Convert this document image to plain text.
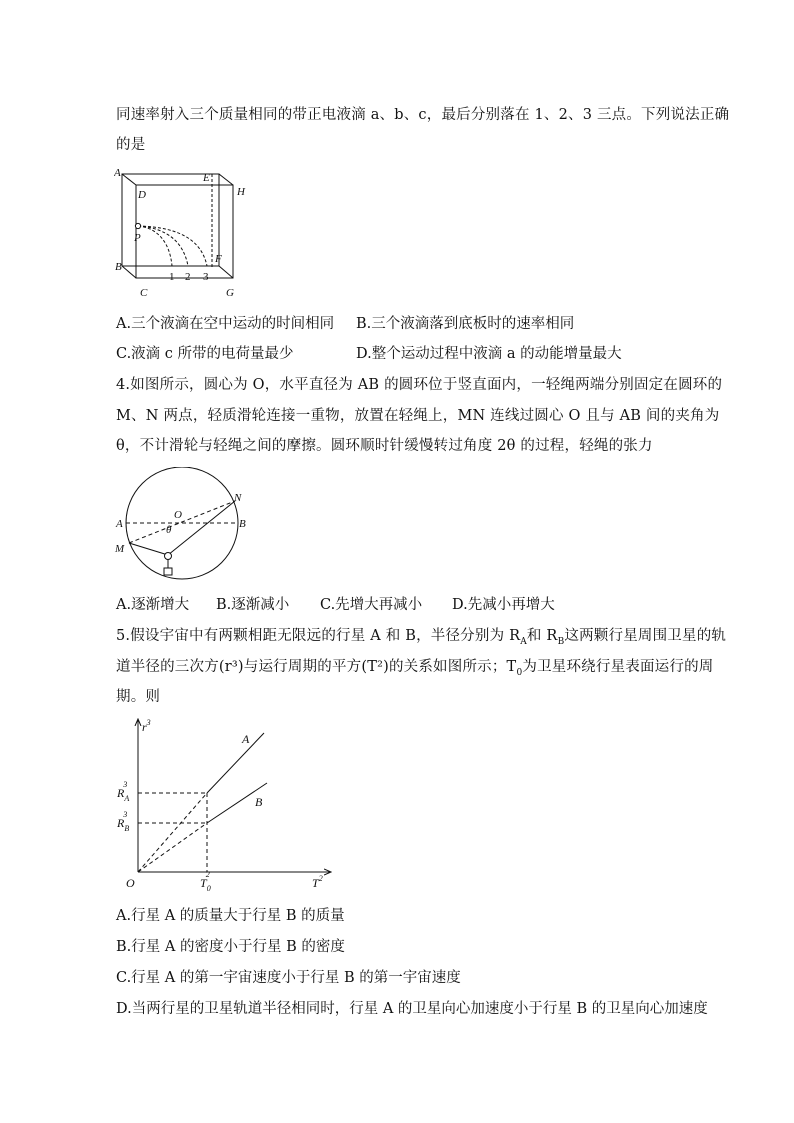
同速率射入三个质量相同的带正电液滴 a、b、c，最后分别落在 1、2、3 三点。下列说法正确
的是
A	E
H
D
P
B
F
C	G
1 2 3
A.三个液滴在空中运动的时间相同 B.三个液滴落到底板时的速率相同
C.液滴 c 所带的电荷量最少	D.整个运动过程中液滴 a 的动能增量最大
4.如图所示，圆心为 O，水平直径为 AB 的圆环位于竖直面内，一轻绳两端分别固定在圆环的
M、N 两点，轻质滑轮连接一重物，放置在轻绳上，MN 连线过圆心 O 且与 AB 间的夹角为
θ，不计滑轮与轻绳之间的摩擦。圆环顺时针缓慢转过角度 2θ 的过程，轻绳的张力
A
O
B
N
M
θ
A.逐渐增大 B.逐渐减小 C.先增大再减小 D.先减小再增大
5.假设宇宙中有两颗相距无限远的行星 A 和 B，半径分别为 $R_A$和 $R_B$这两颗行星周围卫星的轨
道半径的三次方(r³)与运行周期的平方(T²)的关系如图所示；$T_0$为卫星环绕行星表面运行的周
期。则
$r^3$
$T^2$
O
A
B
$R_A3$
$R_B3$
$T_02$
A.行星 A 的质量大于行星 B 的质量
B.行星 A 的密度小于行星 B 的密度
C.行星 A 的第一宇宙速度小于行星 B 的第一宇宙速度
D.当两行星的卫星轨道半径相同时，行星 A 的卫星向心加速度小于行星 B 的卫星向心加速度
